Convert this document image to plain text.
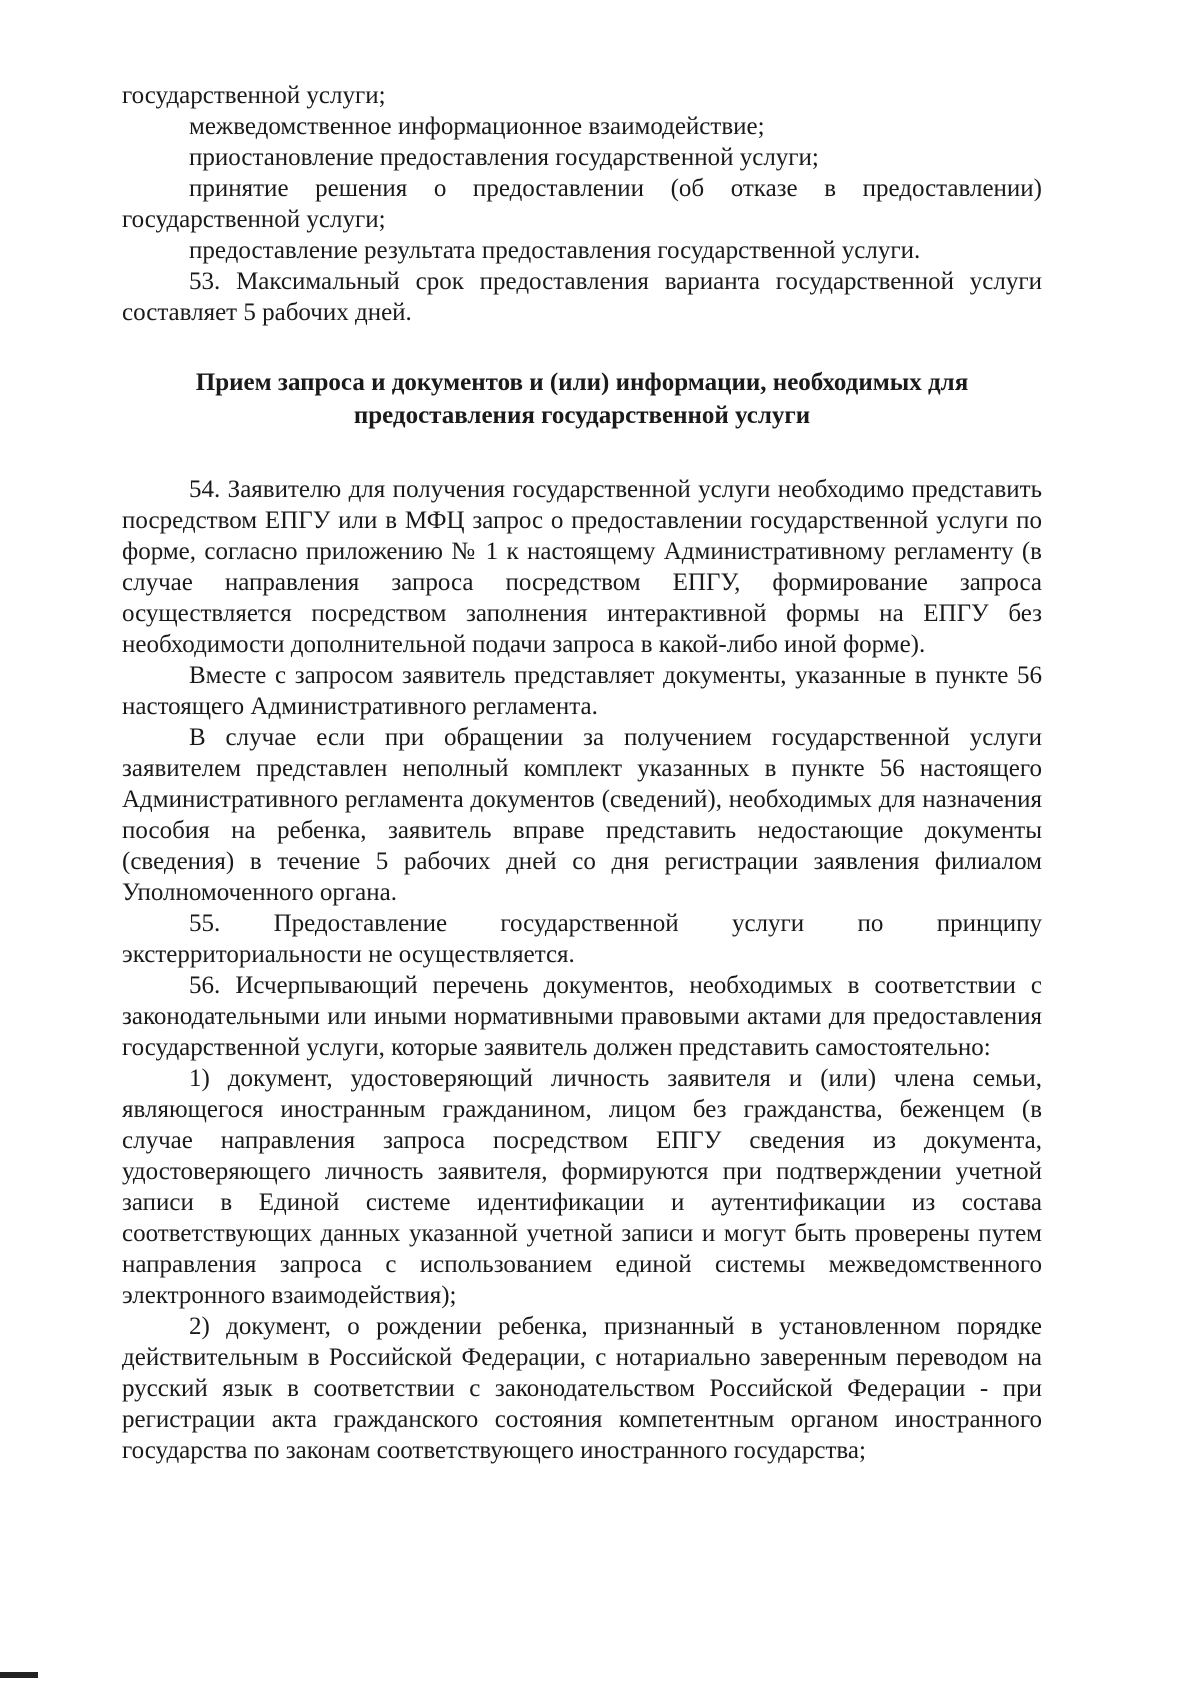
государственной услуги;

межведомственное информационное взаимодействие;

приостановление предоставления государственной услуги;

принятие решения о предоставлении (об отказе в предоставлении) государственной услуги;

предоставление результата предоставления государственной услуги.

53. Максимальный срок предоставления варианта государственной услуги составляет 5 рабочих дней.

Прием запроса и документов и (или) информации, необходимых для предоставления государственной услуги

54. Заявителю для получения государственной услуги необходимо представить посредством ЕПГУ или в МФЦ запрос о предоставлении государственной услуги по форме, согласно приложению № 1 к настоящему Административному регламенту (в случае направления запроса посредством ЕПГУ, формирование запроса осуществляется посредством заполнения интерактивной формы на ЕПГУ без необходимости дополнительной подачи запроса в какой-либо иной форме).

Вместе с запросом заявитель представляет документы, указанные в пункте 56 настоящего Административного регламента.

В случае если при обращении за получением государственной услуги заявителем представлен неполный комплект указанных в пункте 56 настоящего Административного регламента документов (сведений), необходимых для назначения пособия на ребенка, заявитель вправе представить недостающие документы (сведения) в течение 5 рабочих дней со дня регистрации заявления филиалом Уполномоченного органа.

55. Предоставление государственной услуги по принципу экстерриториальности не осуществляется.

56. Исчерпывающий перечень документов, необходимых в соответствии с законодательными или иными нормативными правовыми актами для предоставления государственной услуги, которые заявитель должен представить самостоятельно:

1) документ, удостоверяющий личность заявителя и (или) члена семьи, являющегося иностранным гражданином, лицом без гражданства, беженцем (в случае направления запроса посредством ЕПГУ сведения из документа, удостоверяющего личность заявителя, формируются при подтверждении учетной записи в Единой системе идентификации и аутентификации из состава соответствующих данных указанной учетной записи и могут быть проверены путем направления запроса с использованием единой системы межведомственного электронного взаимодействия);

2) документ, о рождении ребенка, признанный в установленном порядке действительным в Российской Федерации, с нотариально заверенным переводом на русский язык в соответствии с законодательством Российской Федерации - при регистрации акта гражданского состояния компетентным органом иностранного государства по законам соответствующего иностранного государства;
